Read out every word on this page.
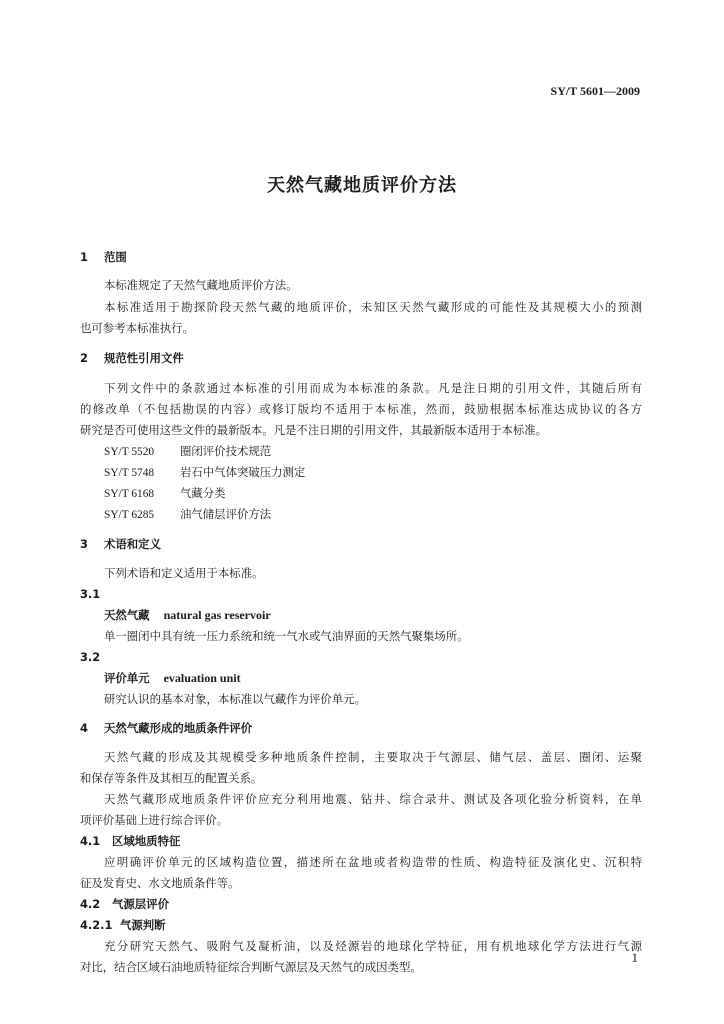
SY/T 5601—2009
天然气藏地质评价方法
1 范围
本标准规定了天然气藏地质评价方法。
本标准适用于勘探阶段天然气藏的地质评价，未知区天然气藏形成的可能性及其规模大小的预测
也可参考本标准执行。
2 规范性引用文件
下列文件中的条款通过本标准的引用而成为本标准的条款。凡是注日期的引用文件，其随后所有
的修改单（不包括勘误的内容）或修订版均不适用于本标准，然而，鼓励根据本标准达成协议的各方
研究是否可使用这些文件的最新版本。凡是不注日期的引用文件，其最新版本适用于本标准。
SY/T 5520 圈闭评价技术规范
SY/T 5748 岩石中气体突破压力测定
SY/T 6168 气藏分类
SY/T 6285 油气储层评价方法
3 术语和定义
下列术语和定义适用于本标准。
3.1
天然气藏 natural gas reservoir
单一圈闭中具有统一压力系统和统一气水或气油界面的天然气聚集场所。
3.2
评价单元 evaluation unit
研究认识的基本对象，本标准以气藏作为评价单元。
4 天然气藏形成的地质条件评价
天然气藏的形成及其规模受多种地质条件控制，主要取决于气源层、储气层、盖层、圈闭、运聚
和保存等条件及其相互的配置关系。
天然气藏形成地质条件评价应充分利用地震、钻井、综合录井、测试及各项化验分析资料，在单
项评价基础上进行综合评价。
4.1 区域地质特征
应明确评价单元的区域构造位置，描述所在盆地或者构造带的性质、构造特征及演化史、沉积特
征及发育史、水文地质条件等。
4.2 气源层评价
4.2.1 气源判断
充分研究天然气、吸附气及凝析油，以及烃源岩的地球化学特征，用有机地球化学方法进行气源
对比，结合区域石油地质特征综合判断气源层及天然气的成因类型。
1
